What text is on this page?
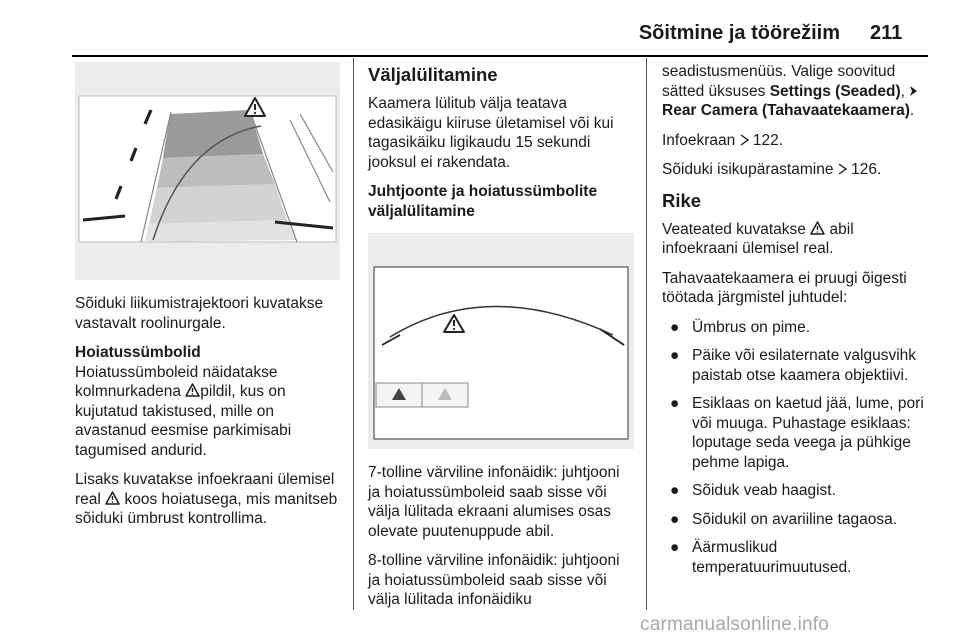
Sõitmine ja töörežiim 211

Sõiduki liikumistrajektoori kuvatakse vastavalt roolinurgale.

Hoiatussümbolid

Hoiatussümboleid näidatakse kolmnurkadena pildil, kus on kujutatud takistused, mille on avastanud eesmise parkimisabi tagumised andurid.

Lisaks kuvatakse infoekraani ülemisel real koos hoiatusega, mis manitseb sõiduki ümbrust kontrollima.

Väljalülitamine

Kaamera lülitub välja teatava edasikäigu kiiruse ületamisel või kui tagasikäiku ligikaudu 15 sekundi jooksul ei rakendata.

Juhtjoonte ja hoiatussümbolite väljalülitamine

7-tolline värviline infonäidik: juhtjooni ja hoiatussümboleid saab sisse või välja lülitada ekraani alumises osas olevate puutenuppude abil.

8-tolline värviline infonäidik: juhtjooni ja hoiatussümboleid saab sisse või välja lülitada infonäidiku

seadistusmenüüs. Valige soovitud sätted üksuses Settings (Seaded),  Rear Camera (Tahavaatekaamera).

Infoekraan 122.

Sõiduki isikupärastamine 126.

Rike

Veateated kuvatakse abil infoekraani ülemisel real.

Tahavaatekaamera ei pruugi õigesti töötada järgmistel juhtudel:

● Ümbrus on pime.
● Päike või esilaternate valgusvihk paistab otse kaamera objektiivi.
● Esiklaas on kaetud jää, lume, pori või muuga. Puhastage esiklaas: loputage seda veega ja pühkige pehme lapiga.
● Sõiduk veab haagist.
● Sõidukil on avariiline tagaosa.
● Äärmuslikud temperatuurimuutused.
carmanualsonline.info
